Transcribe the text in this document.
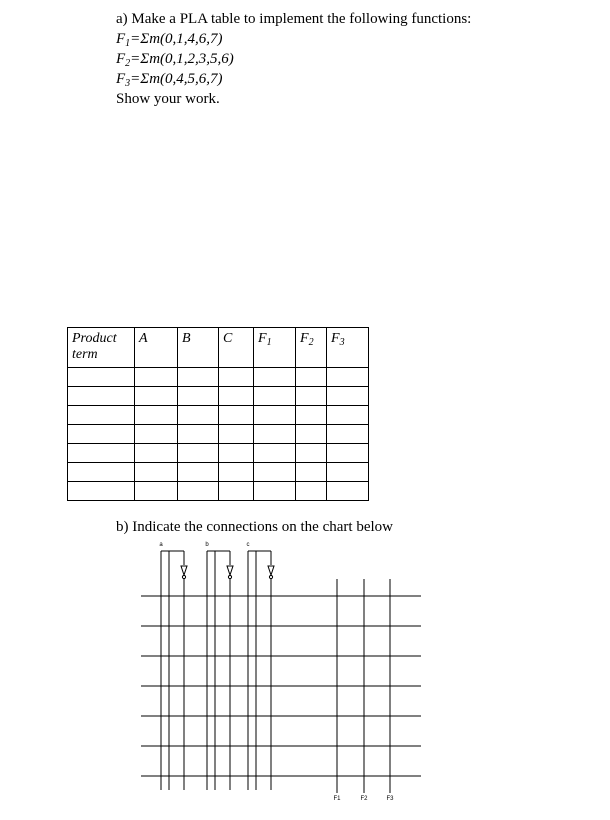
a) Make a PLA table to implement the following functions:
$F_1=\Sigma m(0,1,4,6,7)$
$F_2=\Sigma m(0,1,2,3,5,6)$
$F_3=\Sigma m(0,4,5,6,7)$
Show your work.
Product
term	A	B	C	$F_1$	$F_2$	$F_3$

b) Indicate the connections on the chart below
a	b	c
F1	F2	F3
